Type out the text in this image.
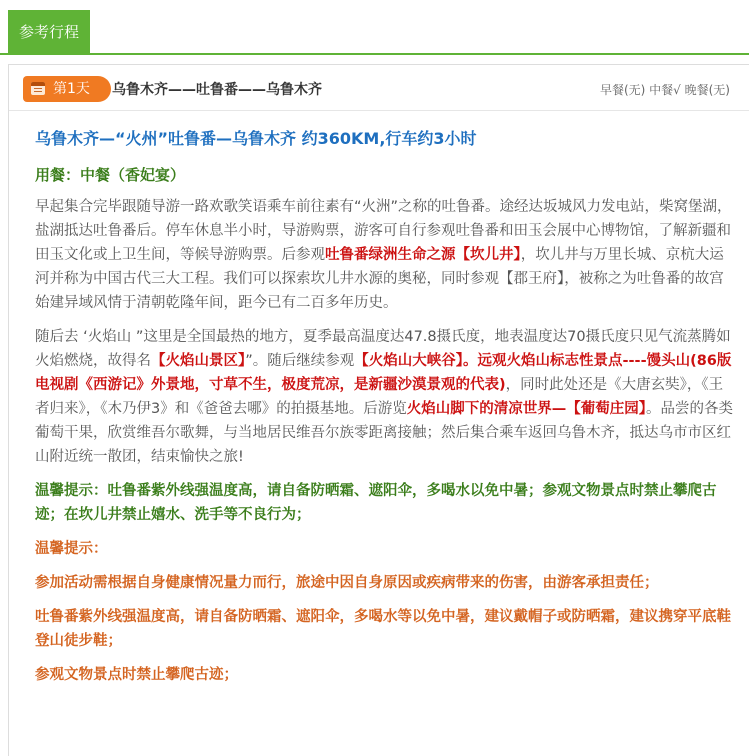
参考行程
第1天 乌鲁木齐——吐鲁番——乌鲁木齐	早餐(无) 中餐√ 晚餐(无)
乌鲁木齐—“火州”吐鲁番—乌鲁木齐 约360KM,行车约3小时
用餐：中餐（香妃宴）

早起集合完毕跟随导游一路欢歌笑语乘车前往素有“火洲”之称的吐鲁番。途经达坂城风力发电站，柴窝堡湖，盐湖抵达吐鲁番后。停车休息半小时，导游购票，游客可自行参观吐鲁番和田玉会展中心博物馆，了解新疆和田玉文化或上卫生间，等候导游购票。后参观吐鲁番绿洲生命之源【坎儿井】，坎儿井与万里长城、京杭大运河并称为中国古代三大工程。我们可以探索坎儿井水源的奥秘，同时参观【郡王府】，被称之为吐鲁番的故宫始建异域风情于清朝乾隆年间，距今已有二百多年历史。

随后去 ‘火焰山 ”这里是全国最热的地方，夏季最高温度达47.8摄氏度，地表温度达70摄氏度只见气流蒸腾如火焰燃烧，故得名【火焰山景区】”。随后继续参观【火焰山大峡谷】。远观火焰山标志性景点----馒头山(86版电视剧《西游记》外景地，寸草不生，极度荒凉，是新疆沙漠景观的代表)，同时此处还是《大唐玄奘》，《王者归来》，《木乃伊3》和《爸爸去哪》的拍摄基地。后游览火焰山脚下的清凉世界—【葡萄庄园】。品尝的各类葡萄干果，欣赏维吾尔歌舞，与当地居民维吾尔族零距离接触；然后集合乘车返回乌鲁木齐，抵达乌市市区红山附近统一散团，结束愉快之旅!

温馨提示：吐鲁番紫外线强温度高，请自备防晒霜、遮阳伞，多喝水以免中暑；参观文物景点时禁止攀爬古迹；在坎儿井禁止嬉水、洗手等不良行为；

温馨提示：

参加活动需根据自身健康情况量力而行，旅途中因自身原因或疾病带来的伤害，由游客承担责任；

吐鲁番紫外线强温度高，请自备防晒霜、遮阳伞，多喝水等以免中暑，建议戴帽子或防晒霜，建议携穿平底鞋登山徒步鞋；

参观文物景点时禁止攀爬古迹；
